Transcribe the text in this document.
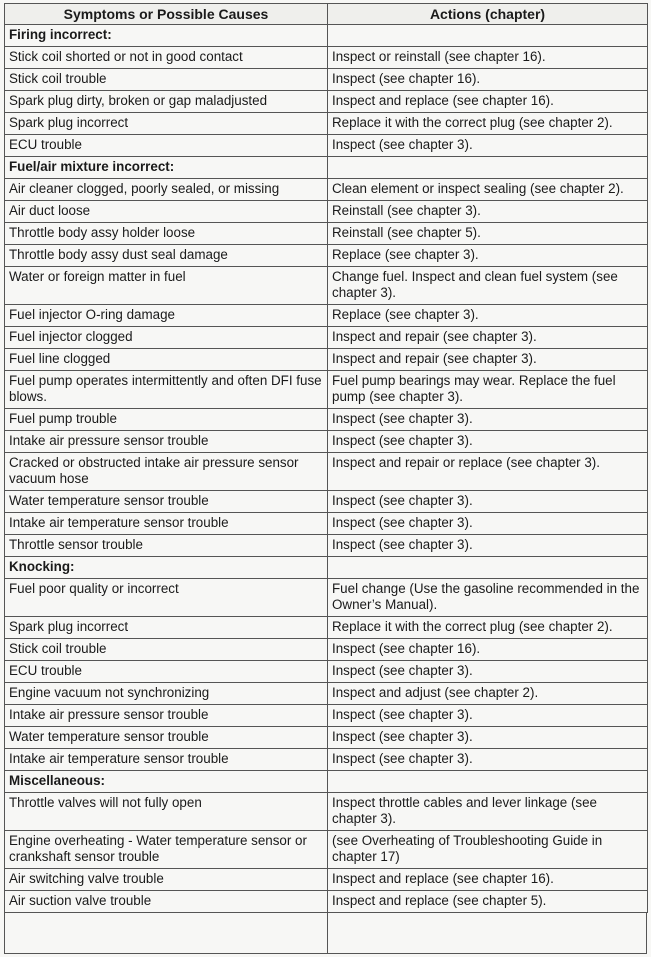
Symptoms or Possible Causes	Actions (chapter)
Firing incorrect:	
Stick coil shorted or not in good contact	Inspect or reinstall (see chapter 16).
Stick coil trouble	Inspect (see chapter 16).
Spark plug dirty, broken or gap maladjusted	Inspect and replace (see chapter 16).
Spark plug incorrect	Replace it with the correct plug (see chapter 2).
ECU trouble	Inspect (see chapter 3).
Fuel/air mixture incorrect:	
Air cleaner clogged, poorly sealed, or missing	Clean element or inspect sealing (see chapter 2).
Air duct loose	Reinstall (see chapter 3).
Throttle body assy holder loose	Reinstall (see chapter 5).
Throttle body assy dust seal damage	Replace (see chapter 3).
Water or foreign matter in fuel	Change fuel. Inspect and clean fuel system (see chapter 3).
Fuel injector O-ring damage	Replace (see chapter 3).
Fuel injector clogged	Inspect and repair (see chapter 3).
Fuel line clogged	Inspect and repair (see chapter 3).
Fuel pump operates intermittently and often DFI fuse blows.	Fuel pump bearings may wear. Replace the fuel pump (see chapter 3).
Fuel pump trouble	Inspect (see chapter 3).
Intake air pressure sensor trouble	Inspect (see chapter 3).
Cracked or obstructed intake air pressure sensor vacuum hose	Inspect and repair or replace (see chapter 3).
Water temperature sensor trouble	Inspect (see chapter 3).
Intake air temperature sensor trouble	Inspect (see chapter 3).
Throttle sensor trouble	Inspect (see chapter 3).
Knocking:	
Fuel poor quality or incorrect	Fuel change (Use the gasoline recommended in the Owner’s Manual).
Spark plug incorrect	Replace it with the correct plug (see chapter 2).
Stick coil trouble	Inspect (see chapter 16).
ECU trouble	Inspect (see chapter 3).
Engine vacuum not synchronizing	Inspect and adjust (see chapter 2).
Intake air pressure sensor trouble	Inspect (see chapter 3).
Water temperature sensor trouble	Inspect (see chapter 3).
Intake air temperature sensor trouble	Inspect (see chapter 3).
Miscellaneous:	
Throttle valves will not fully open	Inspect throttle cables and lever linkage (see chapter 3).
Engine overheating - Water temperature sensor or crankshaft sensor trouble	(see Overheating of Troubleshooting Guide in chapter 17)
Air switching valve trouble	Inspect and replace (see chapter 16).
Air suction valve trouble	Inspect and replace (see chapter 5).
